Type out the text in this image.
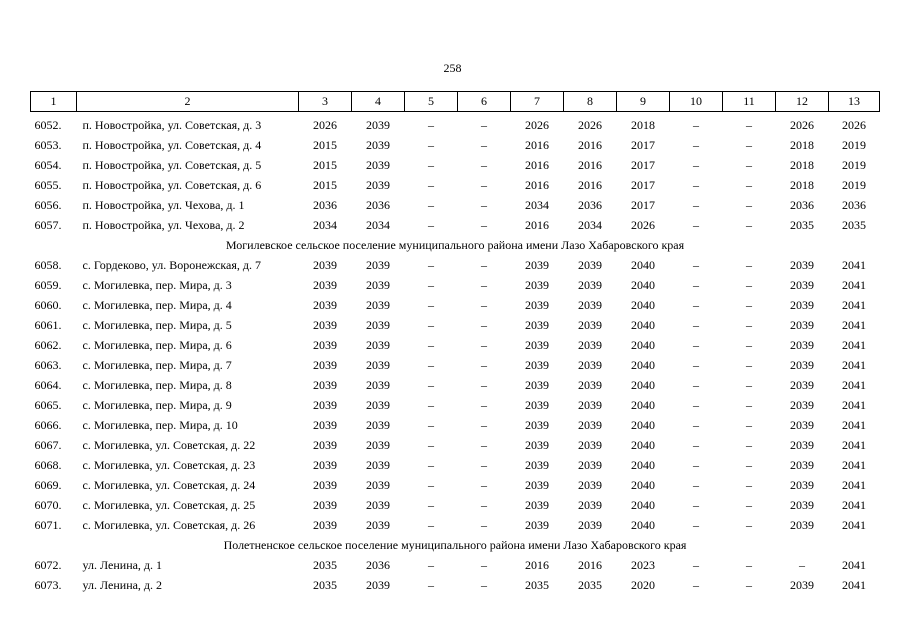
258
1	2	3	4	5	6	7	8	9	10	11	12	13
6052.	п. Новостройка, ул. Советская, д. 3	2026	2039	–	–	2026	2026	2018	–	–	2026	2026
6053.	п. Новостройка, ул. Советская, д. 4	2015	2039	–	–	2016	2016	2017	–	–	2018	2019
6054.	п. Новостройка, ул. Советская, д. 5	2015	2039	–	–	2016	2016	2017	–	–	2018	2019
6055.	п. Новостройка, ул. Советская, д. 6	2015	2039	–	–	2016	2016	2017	–	–	2018	2019
6056.	п. Новостройка, ул. Чехова, д. 1	2036	2036	–	–	2034	2036	2017	–	–	2036	2036
6057.	п. Новостройка, ул. Чехова, д. 2	2034	2034	–	–	2016	2034	2026	–	–	2035	2035
Могилевское сельское поселение муниципального района имени Лазо Хабаровского края												
6058.	с. Гордеково, ул. Воронежская, д. 7	2039	2039	–	–	2039	2039	2040	–	–	2039	2041
6059.	с. Могилевка, пер. Мира, д. 3	2039	2039	–	–	2039	2039	2040	–	–	2039	2041
6060.	с. Могилевка, пер. Мира, д. 4	2039	2039	–	–	2039	2039	2040	–	–	2039	2041
6061.	с. Могилевка, пер. Мира, д. 5	2039	2039	–	–	2039	2039	2040	–	–	2039	2041
6062.	с. Могилевка, пер. Мира, д. 6	2039	2039	–	–	2039	2039	2040	–	–	2039	2041
6063.	с. Могилевка, пер. Мира, д. 7	2039	2039	–	–	2039	2039	2040	–	–	2039	2041
6064.	с. Могилевка, пер. Мира, д. 8	2039	2039	–	–	2039	2039	2040	–	–	2039	2041
6065.	с. Могилевка, пер. Мира, д. 9	2039	2039	–	–	2039	2039	2040	–	–	2039	2041
6066.	с. Могилевка, пер. Мира, д. 10	2039	2039	–	–	2039	2039	2040	–	–	2039	2041
6067.	с. Могилевка, ул. Советская, д. 22	2039	2039	–	–	2039	2039	2040	–	–	2039	2041
6068.	с. Могилевка, ул. Советская, д. 23	2039	2039	–	–	2039	2039	2040	–	–	2039	2041
6069.	с. Могилевка, ул. Советская, д. 24	2039	2039	–	–	2039	2039	2040	–	–	2039	2041
6070.	с. Могилевка, ул. Советская, д. 25	2039	2039	–	–	2039	2039	2040	–	–	2039	2041
6071.	с. Могилевка, ул. Советская, д. 26	2039	2039	–	–	2039	2039	2040	–	–	2039	2041
Полетненское сельское поселение муниципального района имени Лазо Хабаровского края												
6072.	ул. Ленина, д. 1	2035	2036	–	–	2016	2016	2023	–	–	–	2041
6073.	ул. Ленина, д. 2	2035	2039	–	–	2035	2035	2020	–	–	2039	2041
